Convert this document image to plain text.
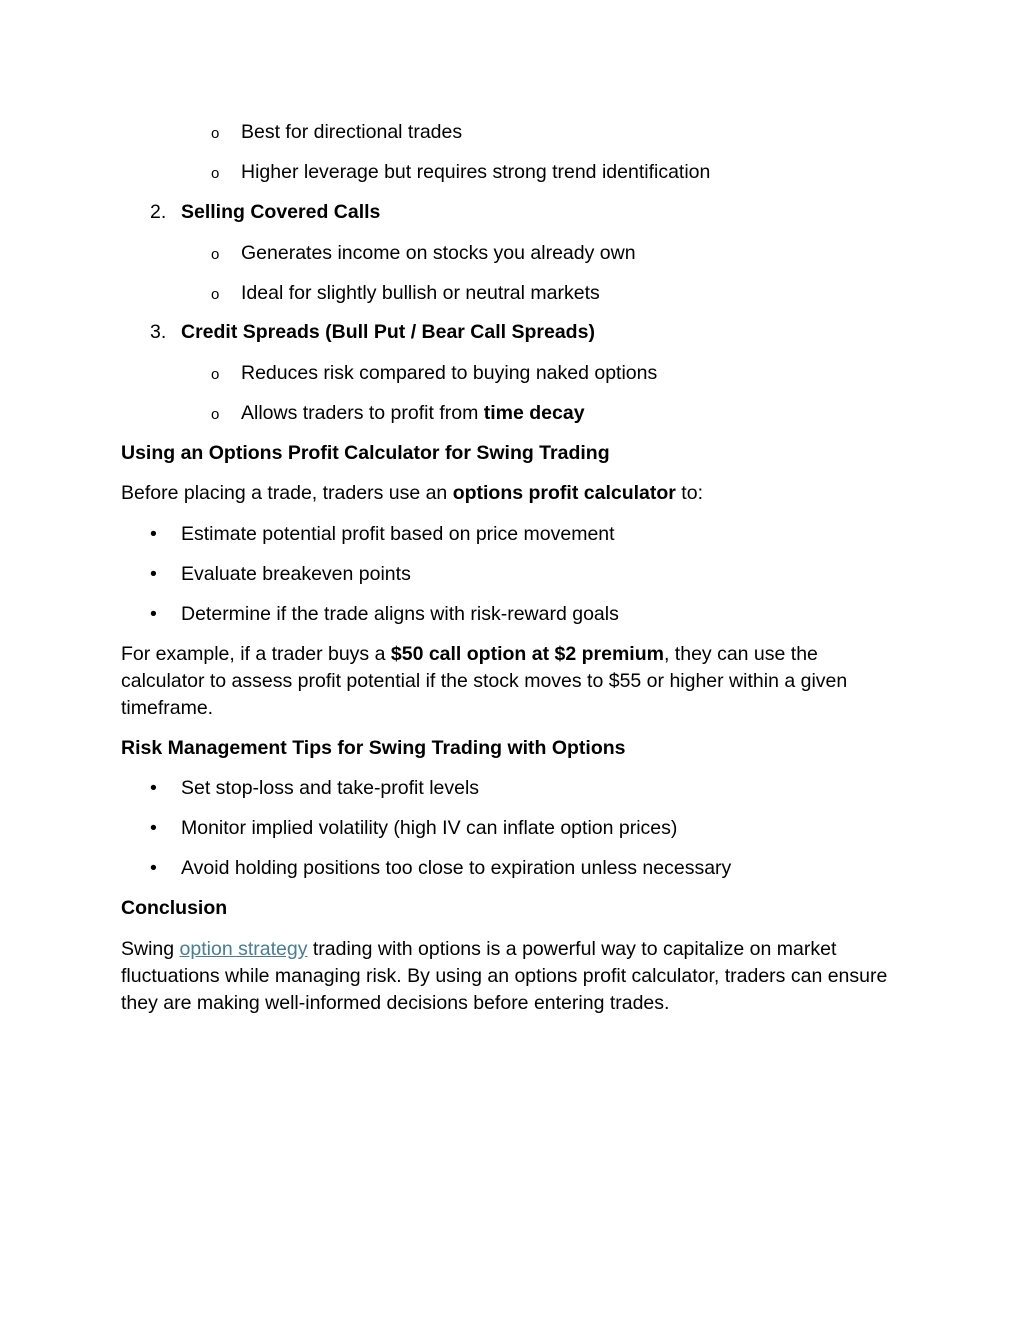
o Best for directional trades
o Higher leverage but requires strong trend identification
2. Selling Covered Calls
o Generates income on stocks you already own
o Ideal for slightly bullish or neutral markets
3. Credit Spreads (Bull Put / Bear Call Spreads)
o Reduces risk compared to buying naked options
o Allows traders to profit from time decay
Using an Options Profit Calculator for Swing Trading
Before placing a trade, traders use an options profit calculator to:
• Estimate potential profit based on price movement
• Evaluate breakeven points
• Determine if the trade aligns with risk-reward goals
For example, if a trader buys a $50 call option at $2 premium, they can use the calculator to assess profit potential if the stock moves to $55 or higher within a given timeframe.
Risk Management Tips for Swing Trading with Options
• Set stop-loss and take-profit levels
• Monitor implied volatility (high IV can inflate option prices)
• Avoid holding positions too close to expiration unless necessary
Conclusion
Swing option strategy trading with options is a powerful way to capitalize on market fluctuations while managing risk. By using an options profit calculator, traders can ensure they are making well-informed decisions before entering trades.
